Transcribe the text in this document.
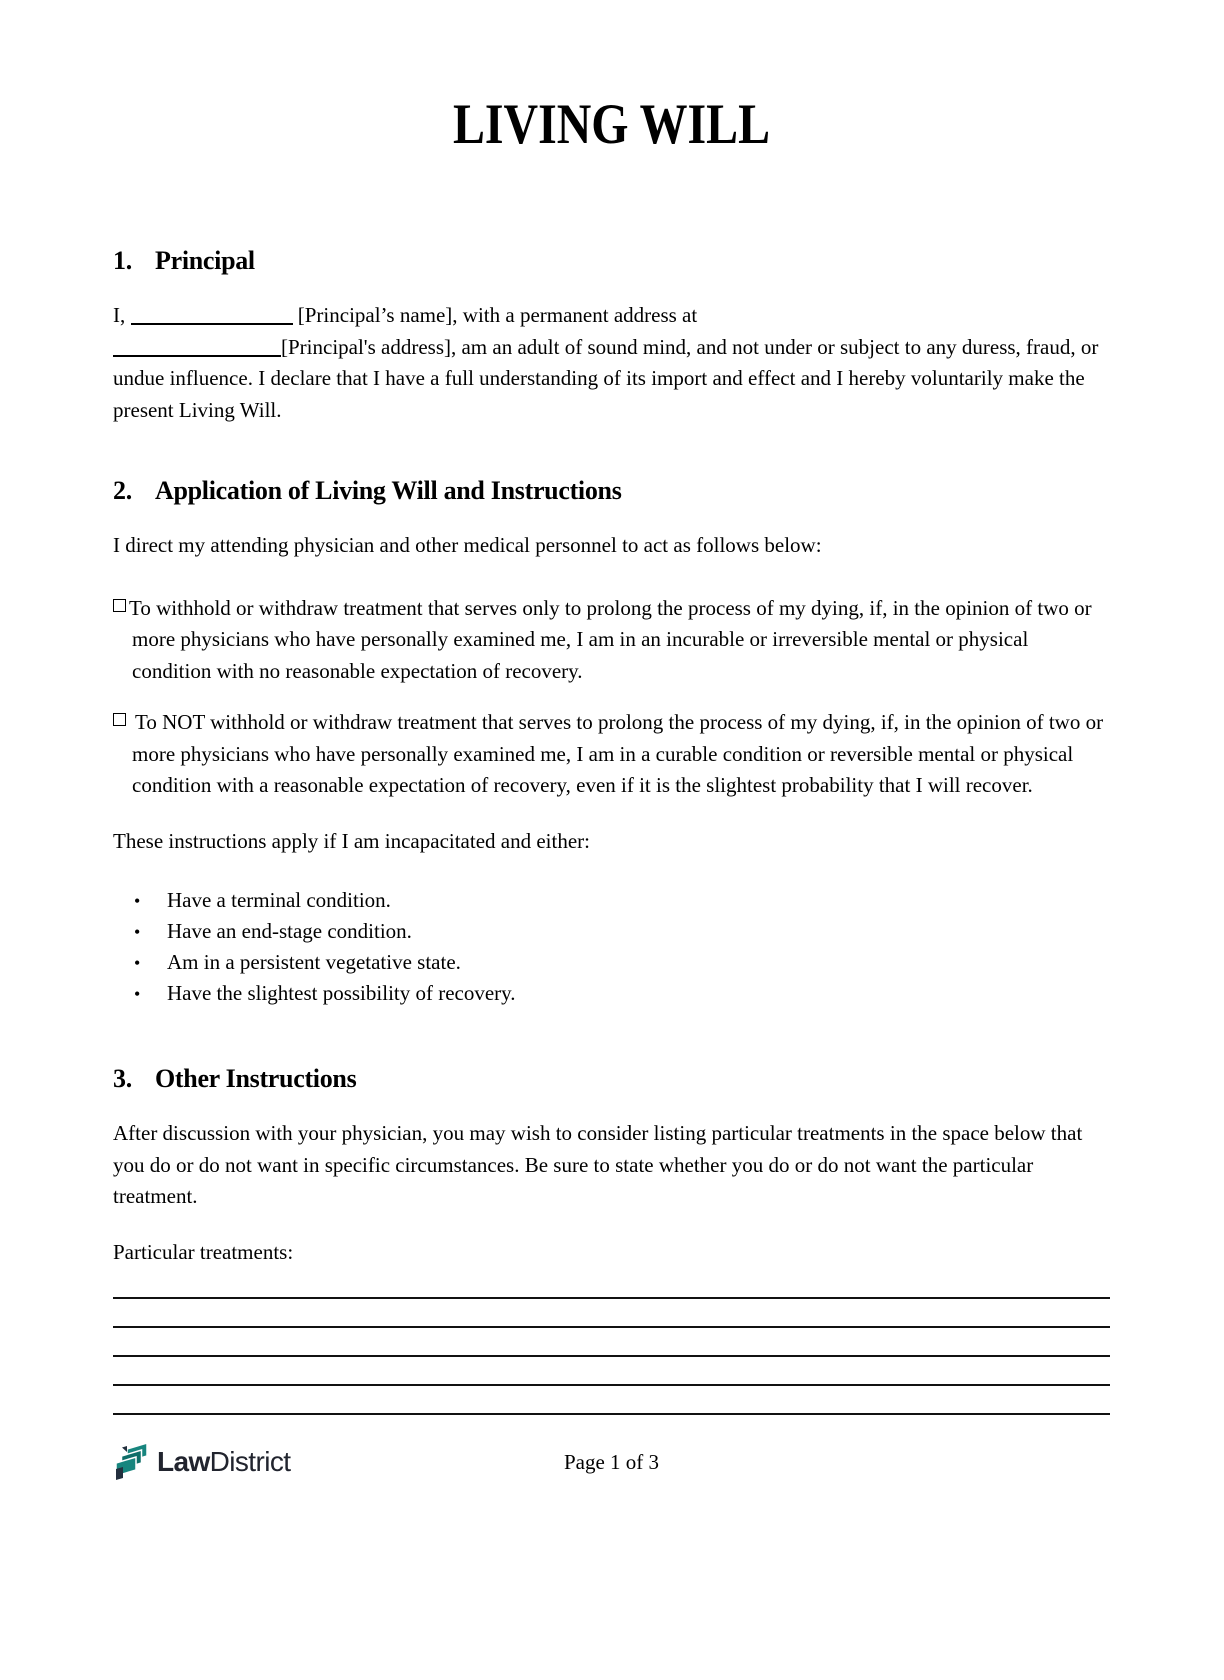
LIVING WILL
1. Principal
I,	[Principal’s name], with a permanent address at
[Principal's address], am an adult of sound mind, and not under or subject to any duress, fraud, or undue influence. I declare that I have a full understanding of its import and effect and I hereby voluntarily make the present Living Will.
2. Application of Living Will and Instructions

I direct my attending physician and other medical personnel to act as follows below:

To withhold or withdraw treatment that serves only to prolong the process of my dying, if, in the opinion of two or more physicians who have personally examined me, I am in an incurable or irreversible mental or physical condition with no reasonable expectation of recovery.
To NOT withhold or withdraw treatment that serves to prolong the process of my dying, if, in the opinion of two or more physicians who have personally examined me, I am in a curable condition or reversible mental or physical condition with a reasonable expectation of recovery, even if it is the slightest probability that I will recover.

These instructions apply if I am incapacitated and either:

• Have a terminal condition.
• Have an end-stage condition.
• Am in a persistent vegetative state.
• Have the slightest possibility of recovery.
3. Other Instructions

After discussion with your physician, you may wish to consider listing particular treatments in the space below that you do or do not want in specific circumstances. Be sure to state whether you do or do not want the particular treatment.

Particular treatments:

LawDistrict	Page 1 of 3
